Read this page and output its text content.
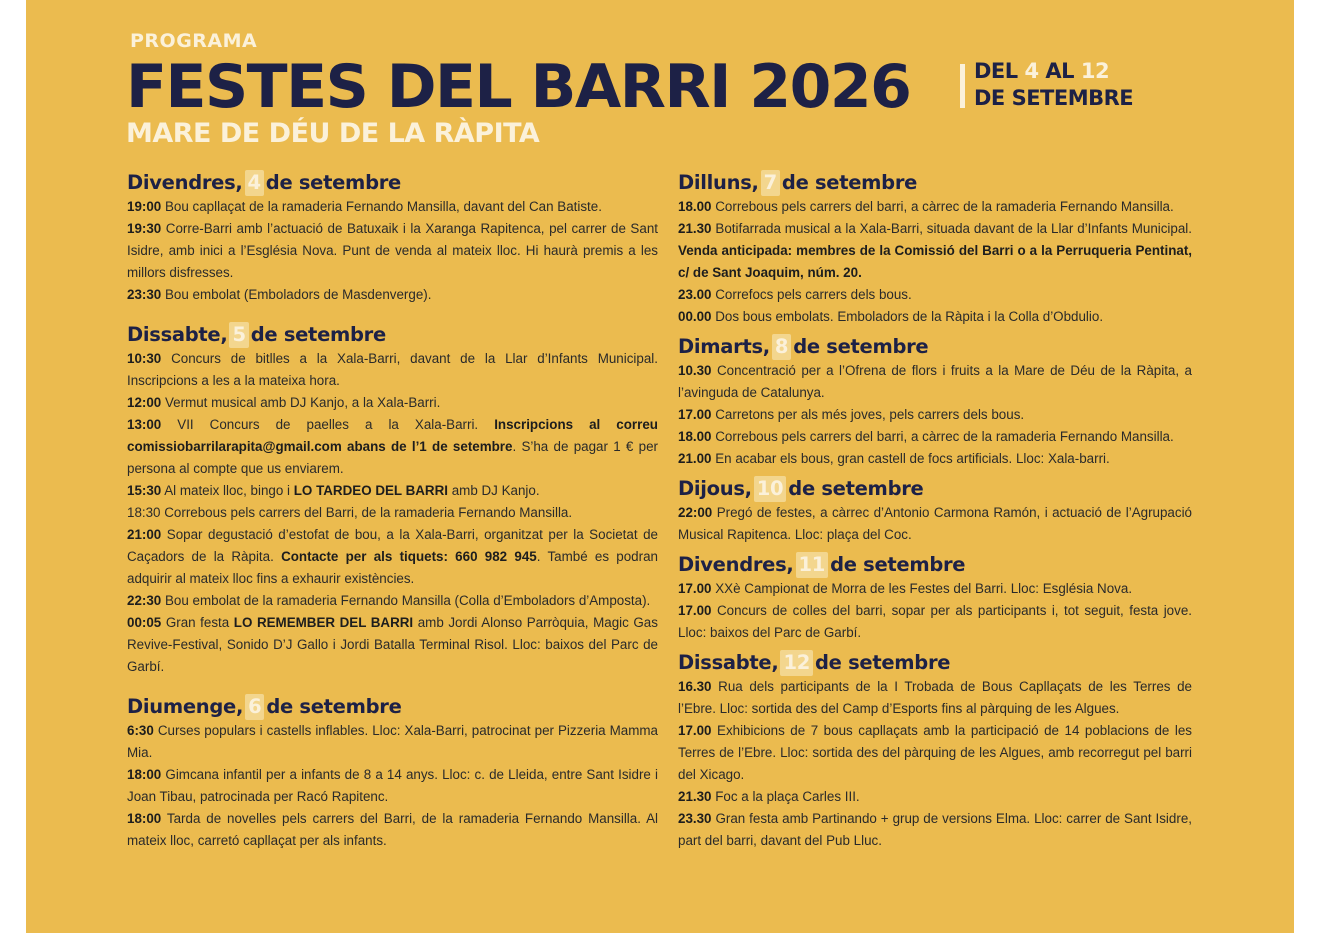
PROGRAMA
FESTES DEL BARRI 2026	DEL 4 AL 12
DE SETEMBRE
MARE DE DÉU DE LA RÀPITA
Divendres, 4 de setembre
19:00 Bou capllaçat de la ramaderia Fernando Mansilla, davant del Can Batiste.
19:30 Corre-Barri amb l’actuació de Batuxaik i la Xaranga Rapitenca, pel carrer de Sant Isidre, amb inici a l’Església Nova. Punt de venda al mateix lloc. Hi haurà premis a les millors disfresses.
23:30 Bou embolat (Emboladors de Masdenverge).
Dissabte, 5 de setembre
10:30 Concurs de bitlles a la Xala-Barri, davant de la Llar d’Infants Municipal. Inscripcions a les a la mateixa hora.
12:00 Vermut musical amb DJ Kanjo, a la Xala-Barri.
13:00 VII Concurs de paelles a la Xala-Barri. Inscripcions al correu comissiobarrilarapita@gmail.com abans de l’1 de setembre. S’ha de pagar 1 € per persona al compte que us enviarem.
15:30 Al mateix lloc, bingo i LO TARDEO DEL BARRI amb DJ Kanjo.
18:30 Correbous pels carrers del Barri, de la ramaderia Fernando Mansilla.
21:00 Sopar degustació d’estofat de bou, a la Xala-Barri, organitzat per la Societat de Caçadors de la Ràpita. Contacte per als tiquets: 660 982 945. També es podran adquirir al mateix lloc fins a exhaurir existències.
22:30 Bou embolat de la ramaderia Fernando Mansilla (Colla d’Emboladors d’Amposta).
00:05 Gran festa LO REMEMBER DEL BARRI amb Jordi Alonso Parròquia, Magic Gas Revive-Festival, Sonido D’J Gallo i Jordi Batalla Terminal Risol. Lloc: baixos del Parc de Garbí.
Diumenge, 6 de setembre
6:30 Curses populars i castells inflables. Lloc: Xala-Barri, patrocinat per Pizzeria Mamma Mia.
18:00 Gimcana infantil per a infants de 8 a 14 anys. Lloc: c. de Lleida, entre Sant Isidre i Joan Tibau, patrocinada per Racó Rapitenc.
18:00 Tarda de novelles pels carrers del Barri, de la ramaderia Fernando Mansilla. Al mateix lloc, carretó capllaçat per als infants.
Dilluns, 7 de setembre
18.00 Correbous pels carrers del barri, a càrrec de la ramaderia Fernando Mansilla.
21.30 Botifarrada musical a la Xala-Barri, situada davant de la Llar d’Infants Municipal. Venda anticipada: membres de la Comissió del Barri o a la Perruqueria Pentinat, c/ de Sant Joaquim, núm. 20.
23.00 Correfocs pels carrers dels bous.
00.00 Dos bous embolats. Emboladors de la Ràpita i la Colla d’Obdulio.
Dimarts, 8 de setembre
10.30 Concentració per a l’Ofrena de flors i fruits a la Mare de Déu de la Ràpita, a l’avinguda de Catalunya.
17.00 Carretons per als més joves, pels carrers dels bous.
18.00 Correbous pels carrers del barri, a càrrec de la ramaderia Fernando Mansilla.
21.00 En acabar els bous, gran castell de focs artificials. Lloc: Xala-barri.
Dijous, 10 de setembre
22:00 Pregó de festes, a càrrec d’Antonio Carmona Ramón, i actuació de l’Agrupació Musical Rapitenca. Lloc: plaça del Coc.
Divendres, 11 de setembre
17.00 XXè Campionat de Morra de les Festes del Barri. Lloc: Església Nova.
17.00 Concurs de colles del barri, sopar per als participants i, tot seguit, festa jove. Lloc: baixos del Parc de Garbí.
Dissabte, 12 de setembre
16.30 Rua dels participants de la I Trobada de Bous Capllaçats de les Terres de l’Ebre. Lloc: sortida des del Camp d’Esports fins al pàrquing de les Algues.
17.00 Exhibicions de 7 bous capllaçats amb la participació de 14 poblacions de les Terres de l’Ebre. Lloc: sortida des del pàrquing de les Algues, amb recorregut pel barri del Xicago.
21.30 Foc a la plaça Carles III.
23.30 Gran festa amb Partinando + grup de versions Elma. Lloc: carrer de Sant Isidre, part del barri, davant del Pub Lluc.
